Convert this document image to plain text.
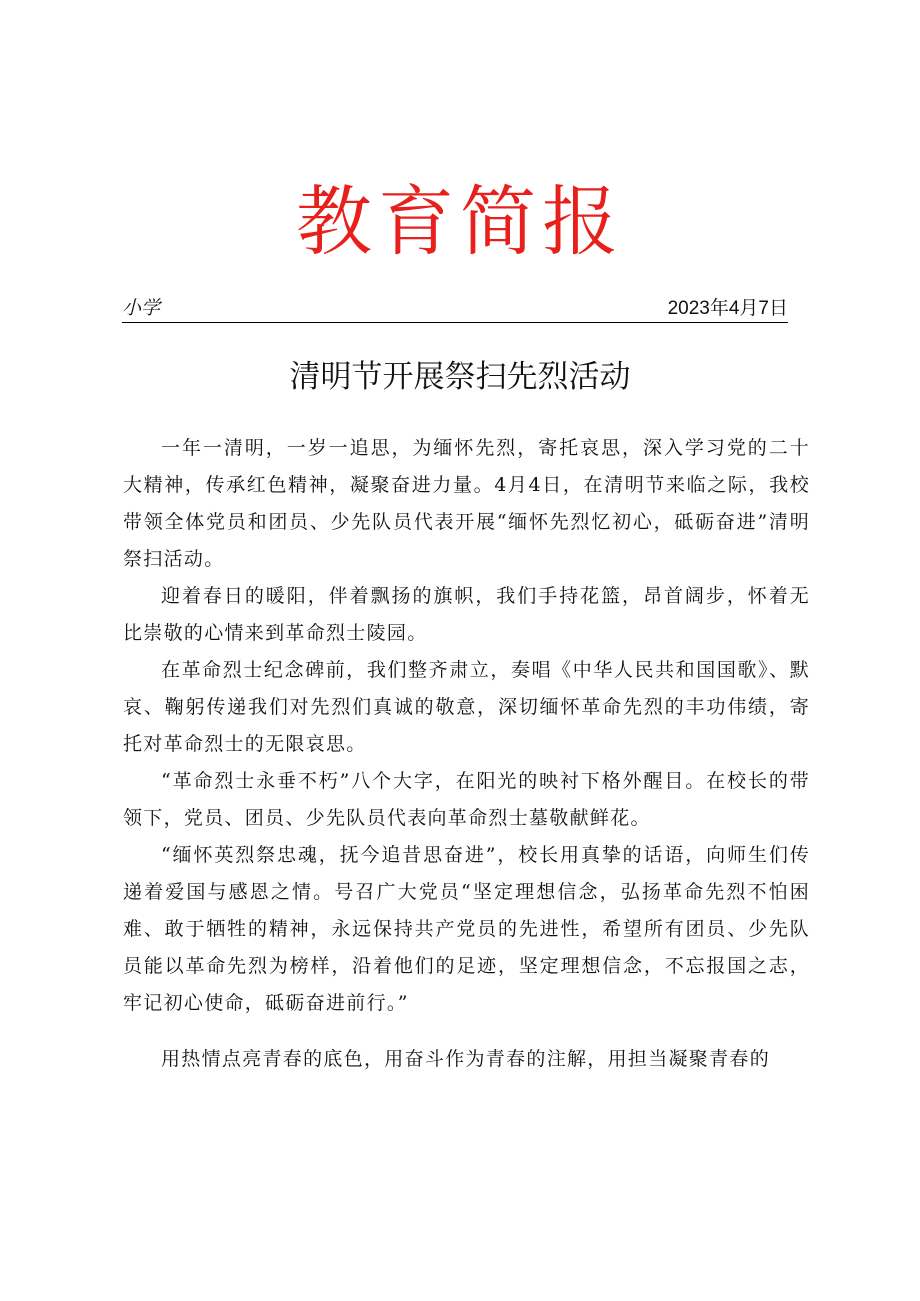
教育简报
小学	2023年4月7日
清明节开展祭扫先烈活动

一年一清明，一岁一追思，为缅怀先烈，寄托哀思，深入学习党的二十大精神，传承红色精神，凝聚奋进力量。4月4日，在清明节来临之际，我校带领全体党员和团员、少先队员代表开展“缅怀先烈忆初心，砥砺奋进”清明祭扫活动。

迎着春日的暖阳，伴着飘扬的旗帜，我们手持花篮，昂首阔步，怀着无比崇敬的心情来到革命烈士陵园。

在革命烈士纪念碑前，我们整齐肃立，奏唱《中华人民共和国国歌》、默哀、鞠躬传递我们对先烈们真诚的敬意，深切缅怀革命先烈的丰功伟绩，寄托对革命烈士的无限哀思。

“革命烈士永垂不朽”八个大字，在阳光的映衬下格外醒目。在校长的带领下，党员、团员、少先队员代表向革命烈士墓敬献鲜花。

“缅怀英烈祭忠魂，抚今追昔思奋进”，校长用真挚的话语，向师生们传递着爱国与感恩之情。号召广大党员“坚定理想信念，弘扬革命先烈不怕困难、敢于牺牲的精神，永远保持共产党员的先进性，希望所有团员、少先队员能以革命先烈为榜样，沿着他们的足迹，坚定理想信念，不忘报国之志，牢记初心使命，砥砺奋进前行。”

用热情点亮青春的底色，用奋斗作为青春的注解，用担当凝聚青春的
